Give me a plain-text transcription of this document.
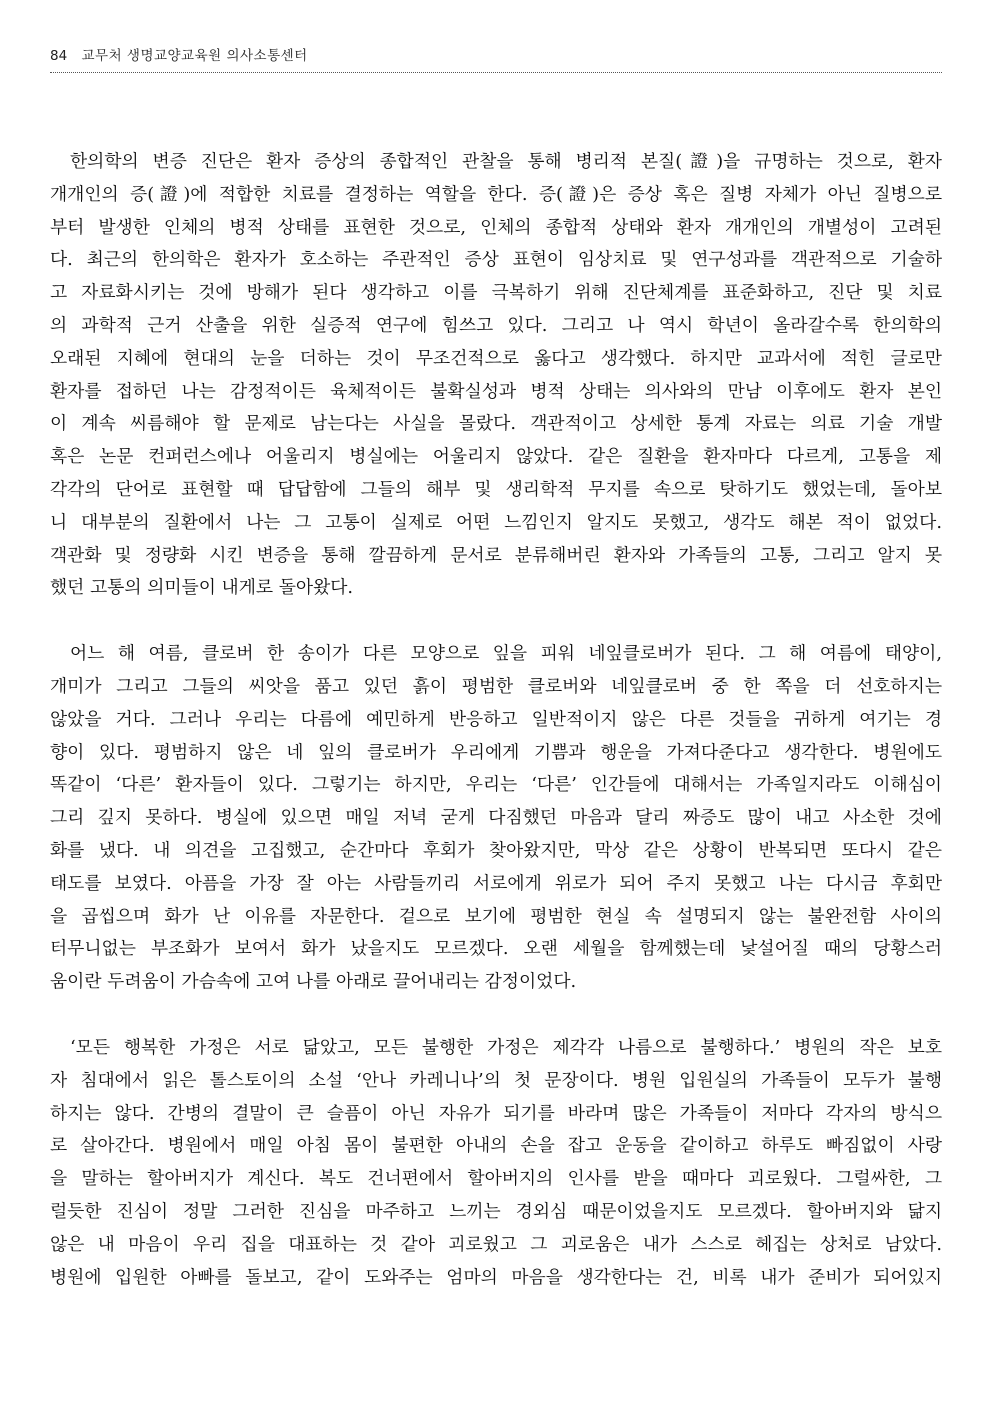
84 교무처 생명교양교육원 의사소통센터
한의학의 변증 진단은 환자 증상의 종합적인 관찰을 통해 병리적 본질(證)을 규명하는 것으로, 환자
개개인의 증(證)에 적합한 치료를 결정하는 역할을 한다. 증(證)은 증상 혹은 질병 자체가 아닌 질병으로
부터 발생한 인체의 병적 상태를 표현한 것으로, 인체의 종합적 상태와 환자 개개인의 개별성이 고려된
다. 최근의 한의학은 환자가 호소하는 주관적인 증상 표현이 임상치료 및 연구성과를 객관적으로 기술하
고 자료화시키는 것에 방해가 된다 생각하고 이를 극복하기 위해 진단체계를 표준화하고, 진단 및 치료
의 과학적 근거 산출을 위한 실증적 연구에 힘쓰고 있다. 그리고 나 역시 학년이 올라갈수록 한의학의
오래된 지혜에 현대의 눈을 더하는 것이 무조건적으로 옳다고 생각했다. 하지만 교과서에 적힌 글로만
환자를 접하던 나는 감정적이든 육체적이든 불확실성과 병적 상태는 의사와의 만남 이후에도 환자 본인
이 계속 씨름해야 할 문제로 남는다는 사실을 몰랐다. 객관적이고 상세한 통계 자료는 의료 기술 개발
혹은 논문 컨퍼런스에나 어울리지 병실에는 어울리지 않았다. 같은 질환을 환자마다 다르게, 고통을 제
각각의 단어로 표현할 때 답답함에 그들의 해부 및 생리학적 무지를 속으로 탓하기도 했었는데, 돌아보
니 대부분의 질환에서 나는 그 고통이 실제로 어떤 느낌인지 알지도 못했고, 생각도 해본 적이 없었다.
객관화 및 정량화 시킨 변증을 통해 깔끔하게 문서로 분류해버린 환자와 가족들의 고통, 그리고 알지 못
했던 고통의 의미들이 내게로 돌아왔다.
어느 해 여름, 클로버 한 송이가 다른 모양으로 잎을 피워 네잎클로버가 된다. 그 해 여름에 태양이,
개미가 그리고 그들의 씨앗을 품고 있던 흙이 평범한 클로버와 네잎클로버 중 한 쪽을 더 선호하지는
않았을 거다. 그러나 우리는 다름에 예민하게 반응하고 일반적이지 않은 다른 것들을 귀하게 여기는 경
향이 있다. 평범하지 않은 네 잎의 클로버가 우리에게 기쁨과 행운을 가져다준다고 생각한다. 병원에도
똑같이 ‘다른’ 환자들이 있다. 그렇기는 하지만, 우리는 ‘다른’ 인간들에 대해서는 가족일지라도 이해심이
그리 깊지 못하다. 병실에 있으면 매일 저녁 굳게 다짐했던 마음과 달리 짜증도 많이 내고 사소한 것에
화를 냈다. 내 의견을 고집했고, 순간마다 후회가 찾아왔지만, 막상 같은 상황이 반복되면 또다시 같은
태도를 보였다. 아픔을 가장 잘 아는 사람들끼리 서로에게 위로가 되어 주지 못했고 나는 다시금 후회만
을 곱씹으며 화가 난 이유를 자문한다. 겉으로 보기에 평범한 현실 속 설명되지 않는 불완전함 사이의
터무니없는 부조화가 보여서 화가 났을지도 모르겠다. 오랜 세월을 함께했는데 낯설어질 때의 당황스러
움이란 두려움이 가슴속에 고여 나를 아래로 끌어내리는 감정이었다.
‘모든 행복한 가정은 서로 닮았고, 모든 불행한 가정은 제각각 나름으로 불행하다.’ 병원의 작은 보호
자 침대에서 읽은 톨스토이의 소설 ‘안나 카레니나’의 첫 문장이다. 병원 입원실의 가족들이 모두가 불행
하지는 않다. 간병의 결말이 큰 슬픔이 아닌 자유가 되기를 바라며 많은 가족들이 저마다 각자의 방식으
로 살아간다. 병원에서 매일 아침 몸이 불편한 아내의 손을 잡고 운동을 같이하고 하루도 빠짐없이 사랑
을 말하는 할아버지가 계신다. 복도 건너편에서 할아버지의 인사를 받을 때마다 괴로웠다. 그럴싸한, 그
럴듯한 진심이 정말 그러한 진심을 마주하고 느끼는 경외심 때문이었을지도 모르겠다. 할아버지와 닮지
않은 내 마음이 우리 집을 대표하는 것 같아 괴로웠고 그 괴로움은 내가 스스로 헤집는 상처로 남았다.
병원에 입원한 아빠를 돌보고, 같이 도와주는 엄마의 마음을 생각한다는 건, 비록 내가 준비가 되어있지
